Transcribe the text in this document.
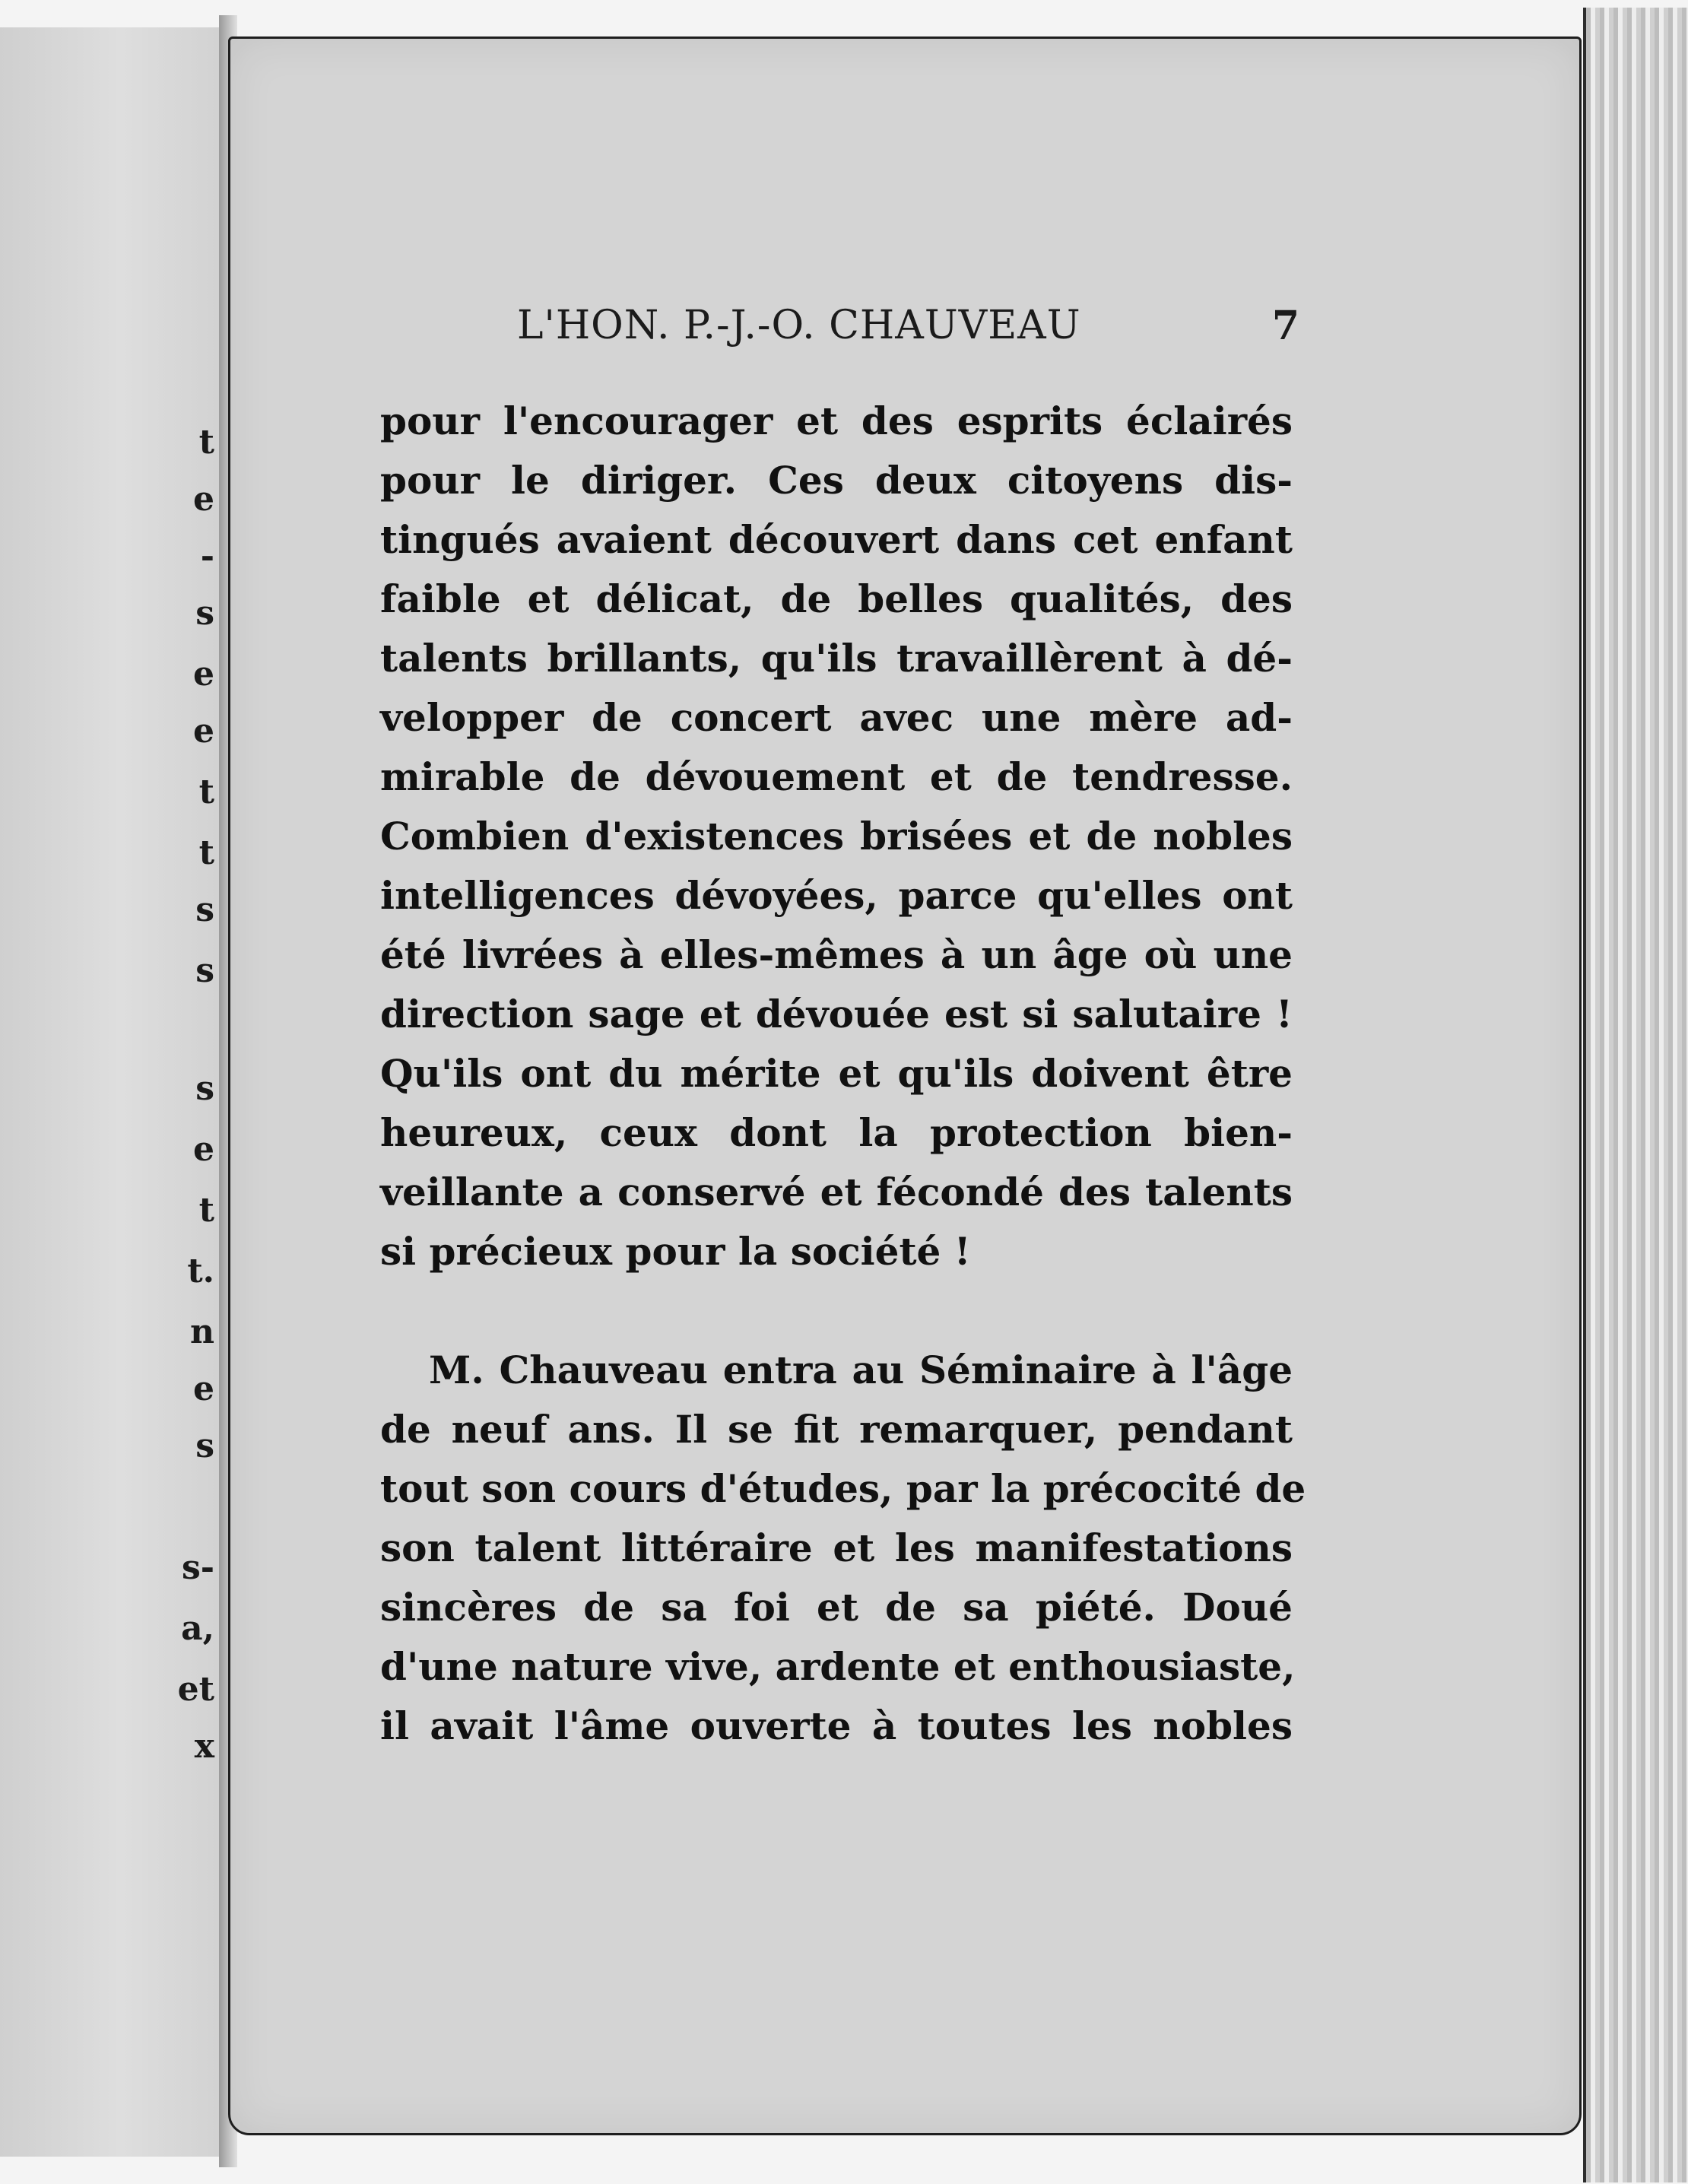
t
e
-
s
e
e
t
t
s
s
s
e
t
t.
n
e
s
s-
a,
et
x
L'HON. P.-J.-O. CHAUVEAU	7
pour l'encourager et des esprits éclairés
pour le diriger. Ces deux citoyens dis-
tingués avaient découvert dans cet enfant
faible et délicat, de belles qualités, des
talents brillants, qu'ils travaillèrent à dé-
velopper de concert avec une mère ad-
mirable de dévouement et de tendresse.
Combien d'existences brisées et de nobles
intelligences dévoyées, parce qu'elles ont
été livrées à elles-mêmes à un âge où une
direction sage et dévouée est si salutaire !
Qu'ils ont du mérite et qu'ils doivent être
heureux, ceux dont la protection bien-
veillante a conservé et fécondé des talents
si précieux pour la société !
M. Chauveau entra au Séminaire à l'âge
de neuf ans. Il se fit remarquer, pendant
tout son cours d'études, par la précocité de
son talent littéraire et les manifestations
sincères de sa foi et de sa piété. Doué
d'une nature vive, ardente et enthousiaste,
il avait l'âme ouverte à toutes les nobles
